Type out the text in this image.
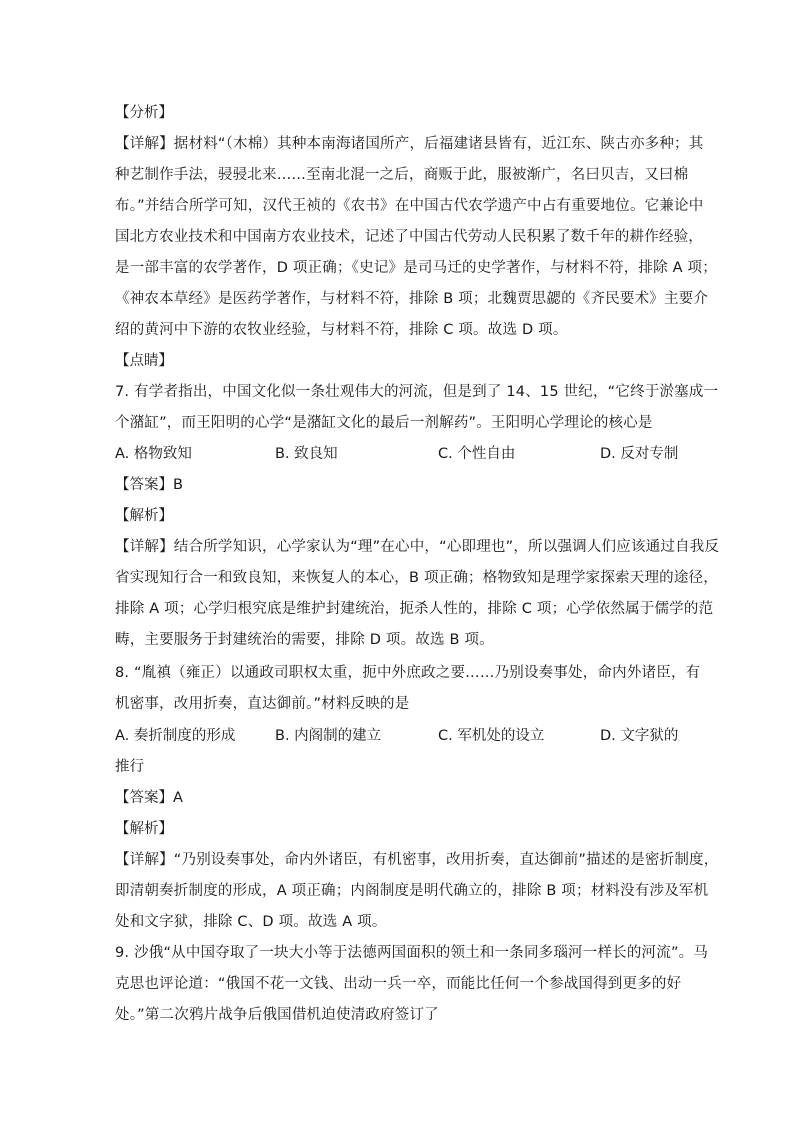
【分析】
【详解】据材料“（木棉）其种本南海诸国所产，后福建诸县皆有，近江东、陕古亦多种；其
种艺制作手法，骎骎北来……至南北混一之后，商贩于此，服被渐广，名曰贝吉，又曰棉
布。”并结合所学可知，汉代王祯的《农书》在中国古代农学遗产中占有重要地位。它兼论中
国北方农业技术和中国南方农业技术，记述了中国古代劳动人民积累了数千年的耕作经验，
是一部丰富的农学著作，D 项正确；《史记》是司马迁的史学著作，与材料不符，排除 A 项；
《神农本草经》是医药学著作，与材料不符，排除 B 项；北魏贾思勰的《齐民要术》主要介
绍的黄河中下游的农牧业经验，与材料不符，排除 C 项。故选 D 项。
【点睛】
7. 有学者指出，中国文化似一条壮观伟大的河流，但是到了 14、15 世纪，“它终于淤塞成一
个潴缸”，而王阳明的心学“是潴缸文化的最后一剂解药”。王阳明心学理论的核心是
A. 格物致知	B. 致良知	C. 个性自由	D. 反对专制
【答案】B
【解析】
【详解】结合所学知识，心学家认为“理”在心中，“心即理也”，所以强调人们应该通过自我反
省实现知行合一和致良知，来恢复人的本心，B 项正确；格物致知是理学家探索天理的途径，
排除 A 项；心学归根究底是维护封建统治，扼杀人性的，排除 C 项；心学依然属于儒学的范
畴，主要服务于封建统治的需要，排除 D 项。故选 B 项。
8. “胤禛（雍正）以通政司职权太重，扼中外庶政之要……乃别设奏事处，命内外诸臣，有
机密事，改用折奏，直达御前。”材料反映的是
A. 奏折制度的形成	B. 内阁制的建立	C. 军机处的设立	D. 文字狱的
推行
【答案】A
【解析】
【详解】“乃别设奏事处，命内外诸臣，有机密事，改用折奏，直达御前”描述的是密折制度，
即清朝奏折制度的形成，A 项正确；内阁制度是明代确立的，排除 B 项；材料没有涉及军机
处和文字狱，排除 C、D 项。故选 A 项。
9. 沙俄“从中国夺取了一块大小等于法德两国面积的领土和一条同多瑙河一样长的河流”。马
克思也评论道：“俄国不花一文钱、出动一兵一卒，而能比任何一个参战国得到更多的好
处。”第二次鸦片战争后俄国借机迫使清政府签订了
